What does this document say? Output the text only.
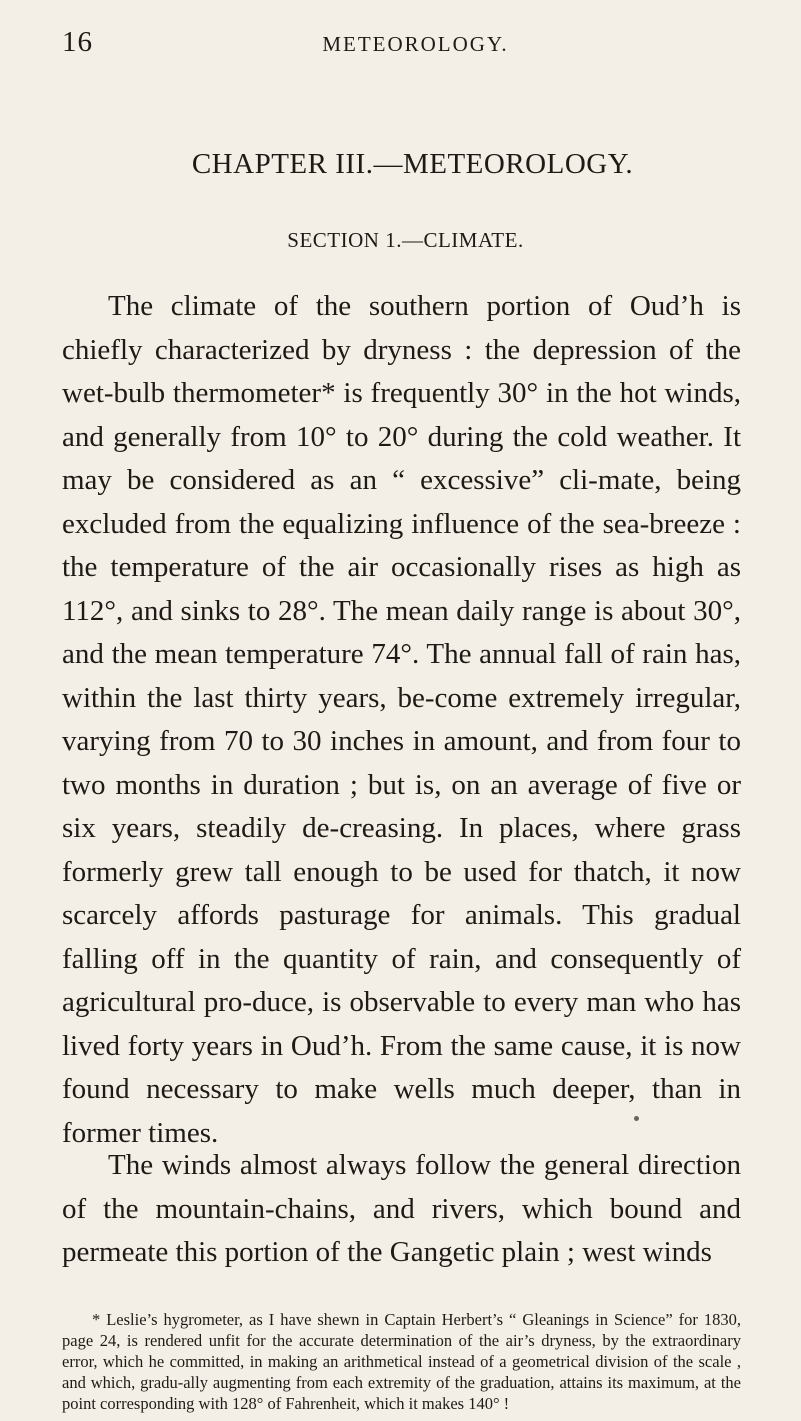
16	METEOROLOGY.
CHAPTER III.—METEOROLOGY.
SECTION 1.—CLIMATE.

The climate of the southern portion of Oud’h is chiefly characterized by dryness : the depression of the wet-bulb thermometer* is frequently 30° in the hot winds, and generally from 10° to 20° during the cold weather. It may be considered as an “ excessive” cli-mate, being excluded from the equalizing influence of the sea-breeze : the temperature of the air occasionally rises as high as 112°, and sinks to 28°. The mean daily range is about 30°, and the mean temperature 74°. The annual fall of rain has, within the last thirty years, be-come extremely irregular, varying from 70 to 30 inches in amount, and from four to two months in duration ; but is, on an average of five or six years, steadily de-creasing. In places, where grass formerly grew tall enough to be used for thatch, it now scarcely affords pasturage for animals. This gradual falling off in the quantity of rain, and consequently of agricultural pro-duce, is observable to every man who has lived forty years in Oud’h. From the same cause, it is now found necessary to make wells much deeper, than in former times.

The winds almost always follow the general direction of the mountain-chains, and rivers, which bound and permeate this portion of the Gangetic plain ; west winds

* Leslie’s hygrometer, as I have shewn in Captain Herbert’s “ Gleanings in Science” for 1830, page 24, is rendered unfit for the accurate determination of the air’s dryness, by the extraordinary error, which he committed, in making an arithmetical instead of a geometrical division of the scale , and which, gradu-ally augmenting from each extremity of the graduation, attains its maximum, at the point corresponding with 128° of Fahrenheit, which it makes 140° !
